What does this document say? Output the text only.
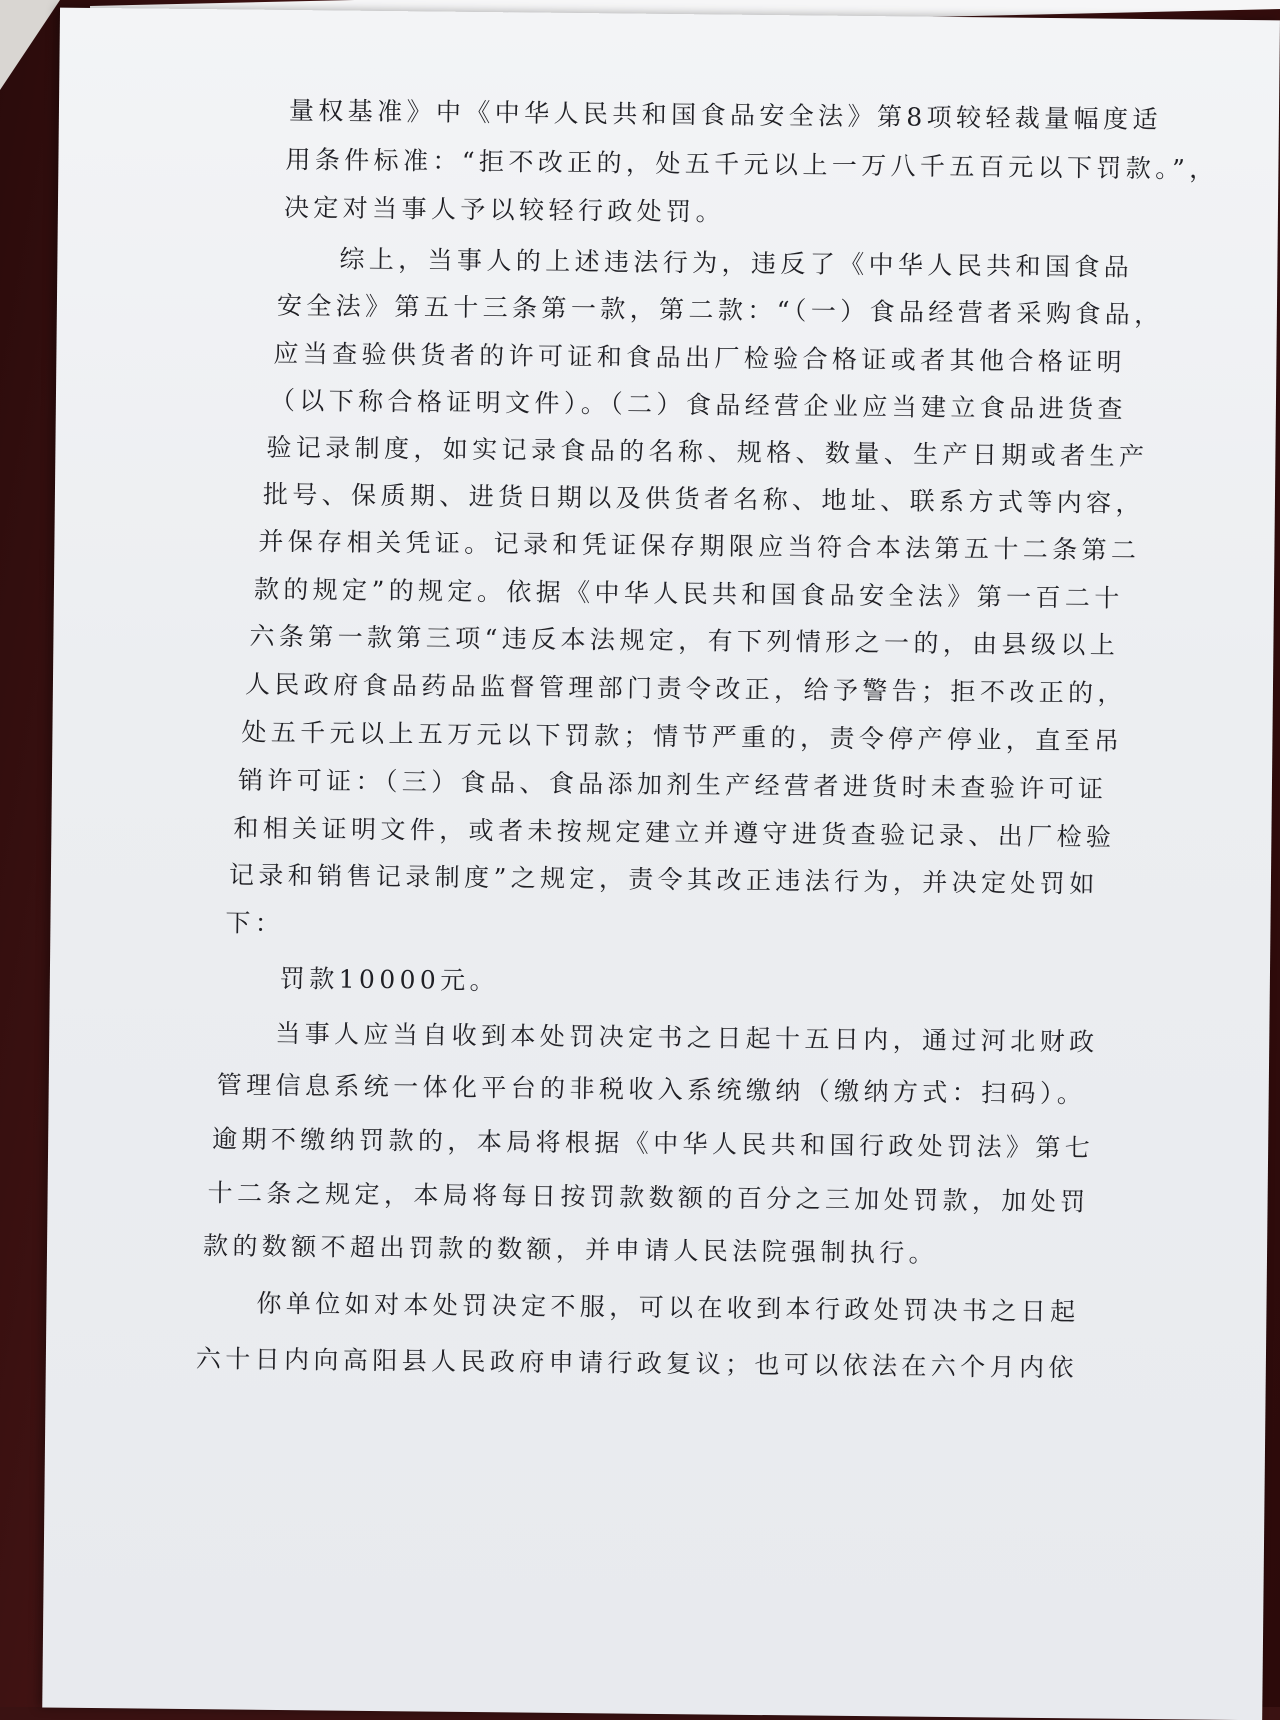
量权基准》中《中华人民共和国食品安全法》第8项较轻裁量幅度适
用条件标准：“拒不改正的，处五千元以上一万八千五百元以下罚款。”，
决定对当事人予以较轻行政处罚。
综上，当事人的上述违法行为，违反了《中华人民共和国食品
安全法》第五十三条第一款，第二款：“（一）食品经营者采购食品，
应当查验供货者的许可证和食品出厂检验合格证或者其他合格证明
（以下称合格证明文件）。（二）食品经营企业应当建立食品进货查
验记录制度，如实记录食品的名称、规格、数量、生产日期或者生产
批号、保质期、进货日期以及供货者名称、地址、联系方式等内容，
并保存相关凭证。记录和凭证保存期限应当符合本法第五十二条第二
款的规定”的规定。依据《中华人民共和国食品安全法》第一百二十
六条第一款第三项“违反本法规定，有下列情形之一的，由县级以上
人民政府食品药品监督管理部门责令改正，给予警告；拒不改正的，
处五千元以上五万元以下罚款；情节严重的，责令停产停业，直至吊
销许可证：（三）食品、食品添加剂生产经营者进货时未查验许可证
和相关证明文件，或者未按规定建立并遵守进货查验记录、出厂检验
记录和销售记录制度”之规定，责令其改正违法行为，并决定处罚如
下：
罚款10000元。
当事人应当自收到本处罚决定书之日起十五日内，通过河北财政
管理信息系统一体化平台的非税收入系统缴纳（缴纳方式：扫码）。
逾期不缴纳罚款的，本局将根据《中华人民共和国行政处罚法》第七
十二条之规定，本局将每日按罚款数额的百分之三加处罚款，加处罚
款的数额不超出罚款的数额，并申请人民法院强制执行。
你单位如对本处罚决定不服，可以在收到本行政处罚决书之日起
六十日内向高阳县人民政府申请行政复议；也可以依法在六个月内依
